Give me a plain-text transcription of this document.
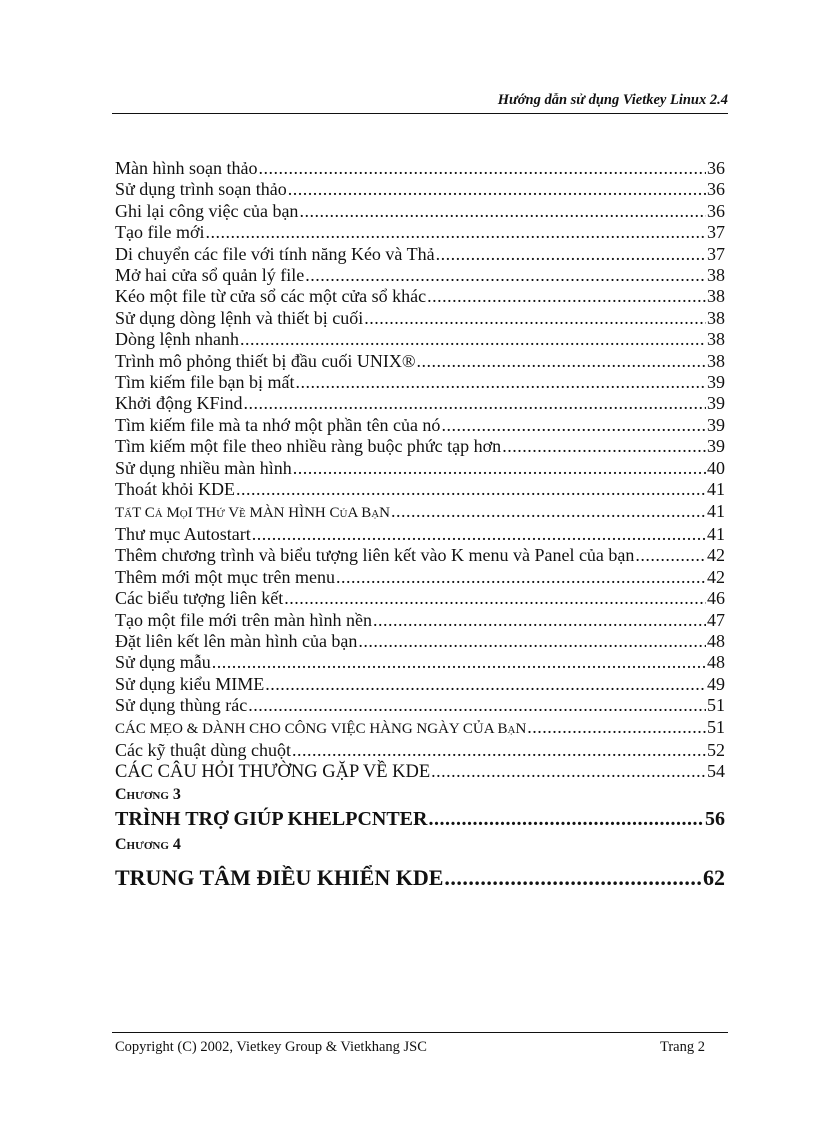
Hướng dẫn sử dụng Vietkey Linux 2.4
Màn hình soạn thảo .....	36
Sử dụng trình soạn thảo .....	36
Ghi lại công việc của bạn .....	36
Tạo file mới .....	37
Di chuyển các file với tính năng Kéo và Thả .....	37
Mở hai cửa sổ quản lý file .....	38
Kéo một file từ cửa sổ các một cửa sổ khác .....	38
Sử dụng dòng lệnh và thiết bị cuối .....	38
Dòng lệnh nhanh .....	38
Trình mô phỏng thiết bị đầu cuối UNIX® .....	38
Tìm kiếm file bạn bị mất .....	39
Khởi động KFind .....	39
Tìm kiếm file mà ta nhớ một phần tên của nó .....	39
Tìm kiếm một file theo nhiều ràng buộc phức tạp hơn .....	39
Sử dụng nhiều màn hình .....	40
Thoát khỏi KDE .....	41
TấT Cả MọI THứ Về MÀN HÌNH CủA BạN .....	41
Thư mục Autostart .....	41
Thêm chương trình và biểu tượng liên kết vào K menu và Panel của bạn .....	42
Thêm mới một mục trên menu .....	42
Các biểu tượng liên kết .....	46
Tạo một file mới trên màn hình nền .....	47
Đặt liên kết lên màn hình của bạn .....	48
Sử dụng mẫu .....	48
Sử dụng kiểu MIME .....	49
Sử dụng thùng rác .....	51
CÁC MẸO & DÀNH CHO CÔNG VIỆC HÀNG NGÀY CỦA BạN .....	51
Các kỹ thuật dùng chuột .....	52
CÁC CÂU HỎI THƯỜNG GẶP VỀ KDE .....	54
Chương 3
TRÌNH TRỢ GIÚP KHELPCNTER .....	56
Chương 4
TRUNG TÂM ĐIỀU KHIỂN KDE .....	62
Copyright (C) 2002, Vietkey Group & Vietkhang JSC	Trang 2
